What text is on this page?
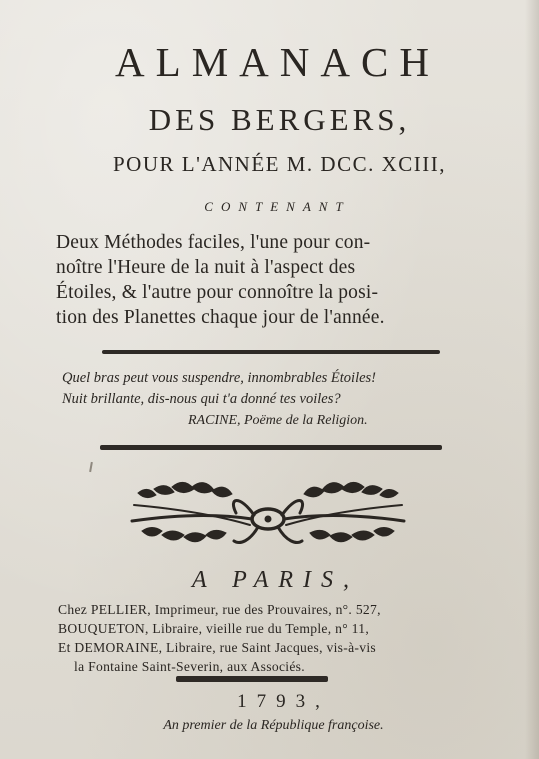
ALMANACH
DES BERGERS,
POUR L'ANNÉE M. DCC. XCIII,
CONTENANT
Deux Méthodes faciles, l'une pour con-
noître l'Heure de la nuit à l'aspect des
Étoiles, & l'autre pour connoître la posi-
tion des Planettes chaque jour de l'année.
Quel bras peut vous suspendre, innombrables Étoiles!
Nuit brillante, dis-nous qui t'a donné tes voiles?
RACINE, Poëme de la Religion.
A PARIS,
Chez PELLIER, Imprimeur, rue des Prouvaires, n°. 527,
BOUQUETON, Libraire, vieille rue du Temple, n° 11,
Et DEMORAINE, Libraire, rue Saint Jacques, vis-à-vis
la Fontaine Saint-Severin, aux Associés.
1793,
An premier de la République françoise.
